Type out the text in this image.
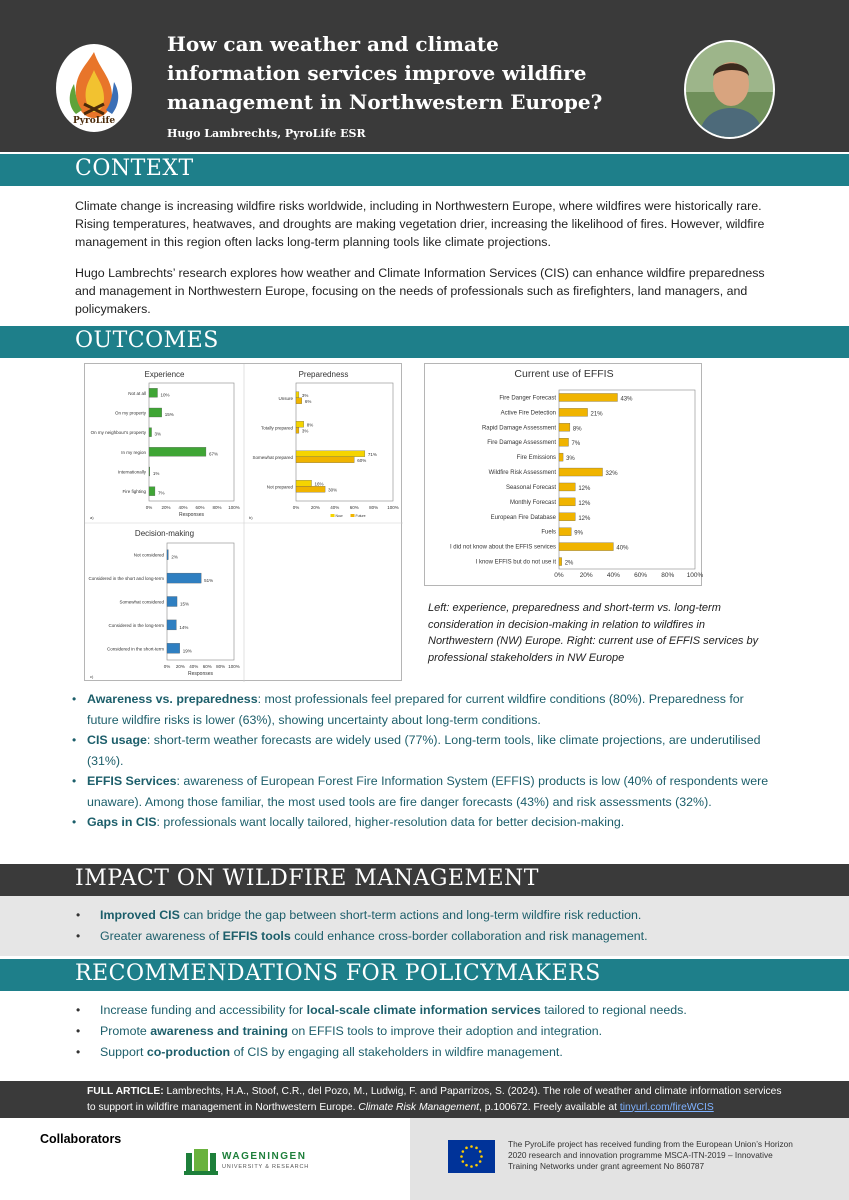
PyroLife
How can weather and climate information services improve wildfire management in Northwestern Europe?
Hugo Lambrechts, PyroLife ESR
CONTEXT
Climate change is increasing wildfire risks worldwide, including in Northwestern Europe, where wildfires were historically rare. Rising temperatures, heatwaves, and droughts are making vegetation drier, increasing the likelihood of fires. However, wildfire management in this region often lacks long-term planning tools like climate projections.
Hugo Lambrechts’ research explores how weather and Climate Information Services (CIS) can enhance wildfire preparedness and management in Northwestern Europe, focusing on the needs of professionals such as firefighters, land managers, and policymakers.
OUTCOMES
Experience
Not at all	10%
On my property	15%
On my neighbour's property 3%
In my region	67%
Internationally 1%
Fire fighting	7%
0% 20% 40% 60% 80% 100%
Responses
a)
Preparedness
Unsure
3%
6%
Totally prepared
8%
3%
Somewhat prepared
71%
60%
Not prepared
16%
30%
0%	20% 40% 60% 80% 100%
b)	Now	Future
Decision-making
Not considered 2%
Considered in the short and long-term	51%
Somewhat considered	15%
Considered in the long-term	14%
Considered in the short-term	19%
0% 20% 40% 60% 80% 100%
Responses
c)
Current use of EFFIS
Fire Danger Forecast	43%
Active Fire Detection	21%
Rapid Damage Assessment	8%
Fire Damage Assessment	7%
Fire Emissions 3%
Wildfire Risk Assessment	32%
Seasonal Forecast	12%
Monthly Forecast	12%
European Fire Database	12%
Fuels	9%
I did not know about the EFFIS services	40%
I know EFFIS but do not use it 2%
0% 20% 40% 60% 80% 100%
Left: experience, preparedness and short-term vs. long-term consideration in decision-making in relation to wildfires in Northwestern (NW) Europe. Right: current use of EFFIS services by professional stakeholders in NW Europe
• Awareness vs. preparedness: most professionals feel prepared for current wildfire conditions (80%). Preparedness for future wildfire risks is lower (63%), showing uncertainty about long-term conditions.
• CIS usage: short-term weather forecasts are widely used (77%). Long-term tools, like climate projections, are underutilised (31%).
• EFFIS Services: awareness of European Forest Fire Information System (EFFIS) products is low (40% of respondents were unaware). Among those familiar, the most used tools are fire danger forecasts (43%) and risk assessments (32%).
• Gaps in CIS: professionals want locally tailored, higher-resolution data for better decision-making.
IMPACT ON WILDFIRE MANAGEMENT
• Improved CIS can bridge the gap between short-term actions and long-term wildfire risk reduction.
• Greater awareness of EFFIS tools could enhance cross-border collaboration and risk management.
RECOMMENDATIONS FOR POLICYMAKERS
• Increase funding and accessibility for local-scale climate information services tailored to regional needs.
• Promote awareness and training on EFFIS tools to improve their adoption and integration.
• Support co-production of CIS by engaging all stakeholders in wildfire management.
FULL ARTICLE: Lambrechts, H.A., Stoof, C.R., del Pozo, M., Ludwig, F. and Paparrizos, S. (2024). The role of weather and climate information services to support in wildfire management in Northwestern Europe. Climate Risk Management, p.100672. Freely available at tinyurl.com/fireWCIS
Collaborators
WAGENINGEN
UNIVERSITY & RESEARCH
The PyroLife project has received funding from the European Union’s Horizon 2020 research and innovation programme MSCA-ITN-2019 – Innovative Training Networks under grant agreement No 860787
